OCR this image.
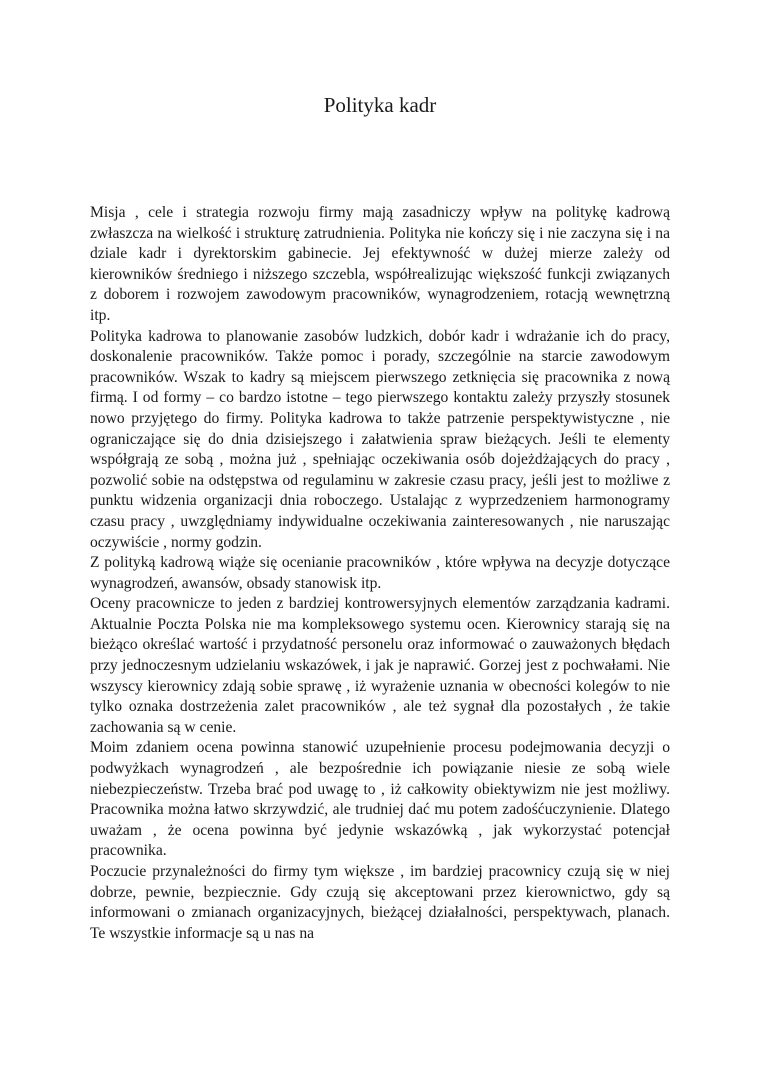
Polityka kadr

Misja , cele i strategia rozwoju firmy mają zasadniczy wpływ na politykę kadrową zwłaszcza na wielkość i strukturę zatrudnienia. Polityka nie kończy się i nie zaczyna się i na dziale kadr i dyrektorskim gabinecie. Jej efektywność w dużej mierze zależy od kierowników średniego i niższego szczebla, współrealizując większość funkcji związanych z doborem i rozwojem zawodowym pracowników, wynagrodzeniem, rotacją wewnętrzną itp.

Polityka kadrowa to planowanie zasobów ludzkich, dobór kadr i wdrażanie ich do pracy, doskonalenie pracowników. Także pomoc i porady, szczególnie na starcie zawodowym pracowników. Wszak to kadry są miejscem pierwszego zetknięcia się pracownika z nową firmą. I od formy – co bardzo istotne – tego pierwszego kontaktu zależy przyszły stosunek nowo przyjętego do firmy. Polityka kadrowa to także patrzenie perspektywistyczne , nie ograniczające się do dnia dzisiejszego i załatwienia spraw bieżących. Jeśli te elementy współgrają ze sobą , można już , spełniając oczekiwania osób dojeżdżających do pracy , pozwolić sobie na odstępstwa od regulaminu w zakresie czasu pracy, jeśli jest to możliwe z punktu widzenia organizacji dnia roboczego. Ustalając z wyprzedzeniem harmonogramy czasu pracy , uwzględniamy indywidualne oczekiwania zainteresowanych , nie naruszając oczywiście , normy godzin.

Z polityką kadrową wiąże się ocenianie pracowników , które wpływa na decyzje dotyczące wynagrodzeń, awansów, obsady stanowisk itp.

Oceny pracownicze to jeden z bardziej kontrowersyjnych elementów zarządzania kadrami. Aktualnie Poczta Polska nie ma kompleksowego systemu ocen. Kierownicy starają się na bieżąco określać wartość i przydatność personelu oraz informować o zauważonych błędach przy jednoczesnym udzielaniu wskazówek, i jak je naprawić. Gorzej jest z pochwałami. Nie wszyscy kierownicy zdają sobie sprawę , iż wyrażenie uznania w obecności kolegów to nie tylko oznaka dostrzeżenia zalet pracowników , ale też sygnał dla pozostałych , że takie zachowania są w cenie.

Moim zdaniem ocena powinna stanowić uzupełnienie procesu podejmowania decyzji o podwyżkach wynagrodzeń , ale bezpośrednie ich powiązanie niesie ze sobą wiele niebezpieczeństw. Trzeba brać pod uwagę to , iż całkowity obiektywizm nie jest możliwy. Pracownika można łatwo skrzywdzić, ale trudniej dać mu potem zadośćuczynienie. Dlatego uważam , że ocena powinna być jedynie wskazówką , jak wykorzystać potencjał pracownika.

Poczucie przynależności do firmy tym większe , im bardziej pracownicy czują się w niej dobrze, pewnie, bezpiecznie. Gdy czują się akceptowani przez kierownictwo, gdy są informowani o zmianach organizacyjnych, bieżącej działalności, perspektywach, planach. Te wszystkie informacje są u nas na
